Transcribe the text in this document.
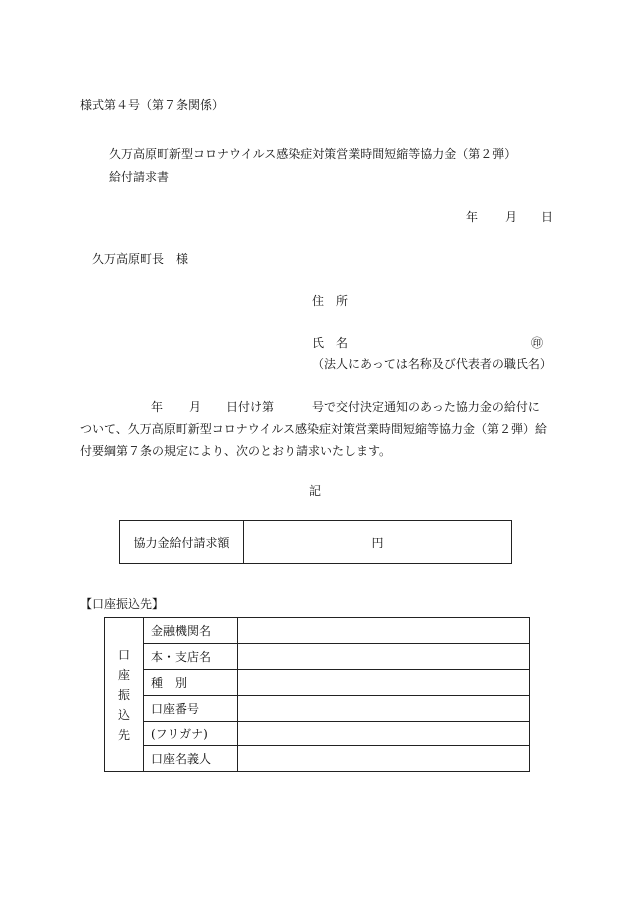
様式第４号（第７条関係）
久万高原町新型コロナウイルス感染症対策営業時間短縮等協力金（第２弾）
給付請求書
年 月 日
久万高原町長　様
住　所
氏　名	㊞
（法人にあっては名称及び代表者の職氏名）
年 月 日付け第	号で交付決定通知のあった協力金の給付に
ついて、久万高原町新型コロナウイルス感染症対策営業時間短縮等協力金（第２弾）給
付要綱第７条の規定により、次のとおり請求いたします。
記
協力金給付請求額	円
【口座振込先】
口
座
振
込
先	金融機関名	
	本・支店名	
	種　別	
	口座番号	
	(フリガナ)	
	口座名義人	
